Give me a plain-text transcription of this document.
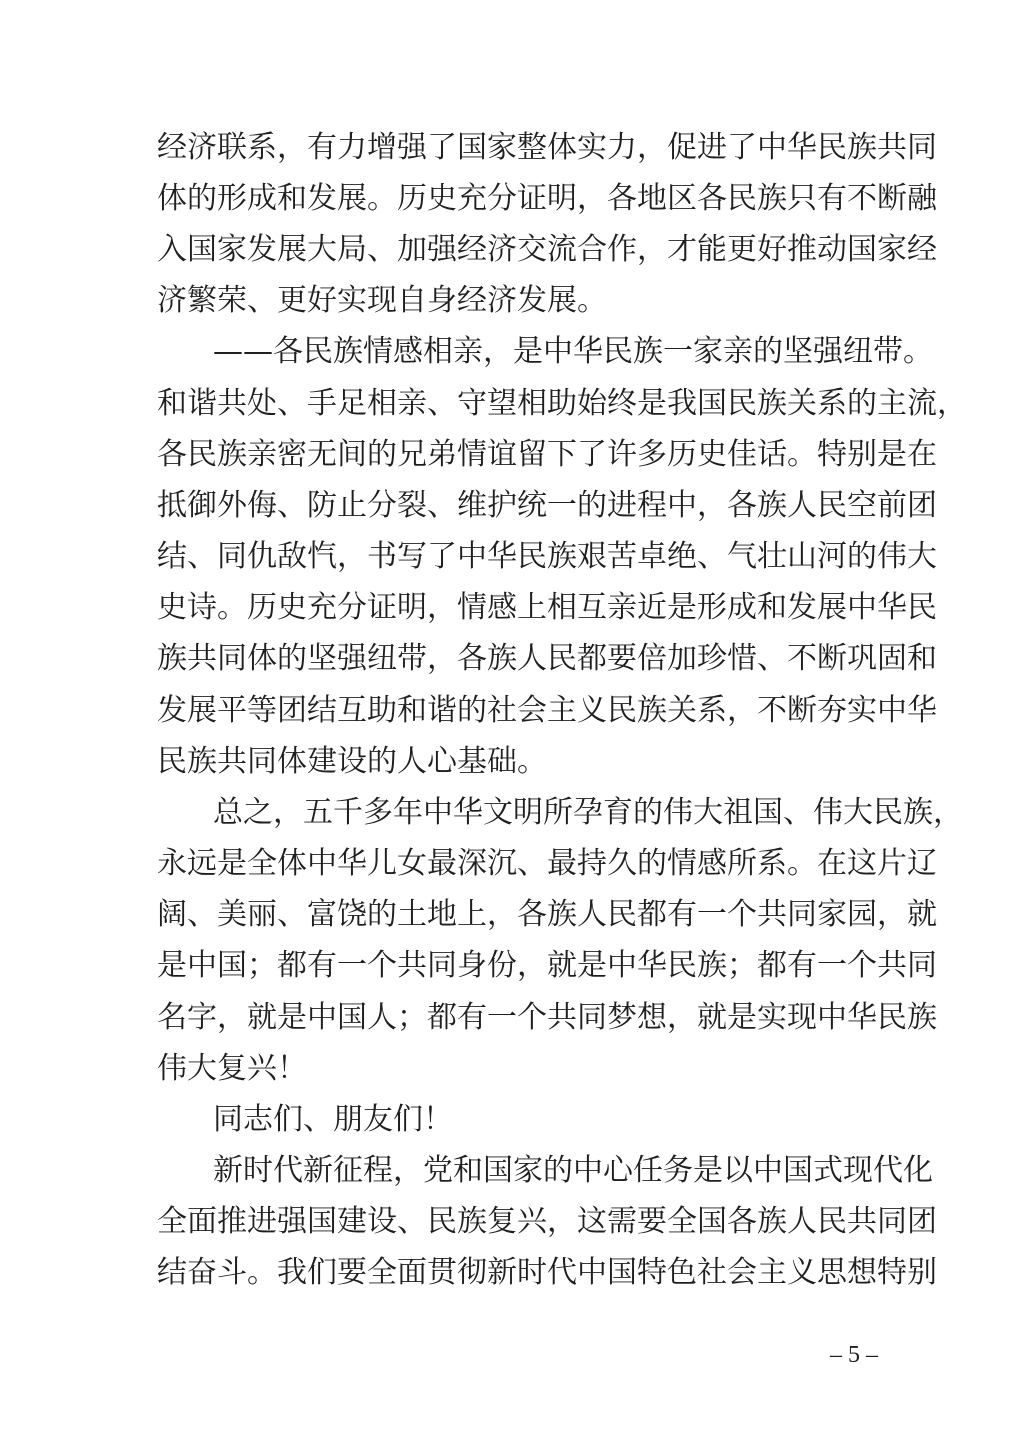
经济联系，有力增强了国家整体实力，促进了中华民族共同
体的形成和发展。历史充分证明，各地区各民族只有不断融
入国家发展大局、加强经济交流合作，才能更好推动国家经
济繁荣、更好实现自身经济发展。
——各民族情感相亲，是中华民族一家亲的坚强纽带。
和谐共处、手足相亲、守望相助始终是我国民族关系的主流，
各民族亲密无间的兄弟情谊留下了许多历史佳话。特别是在
抵御外侮、防止分裂、维护统一的进程中，各族人民空前团
结、同仇敌忾，书写了中华民族艰苦卓绝、气壮山河的伟大
史诗。历史充分证明，情感上相互亲近是形成和发展中华民
族共同体的坚强纽带，各族人民都要倍加珍惜、不断巩固和
发展平等团结互助和谐的社会主义民族关系，不断夯实中华
民族共同体建设的人心基础。
总之，五千多年中华文明所孕育的伟大祖国、伟大民族，
永远是全体中华儿女最深沉、最持久的情感所系。在这片辽
阔、美丽、富饶的土地上，各族人民都有一个共同家园，就
是中国；都有一个共同身份，就是中华民族；都有一个共同
名字，就是中国人；都有一个共同梦想，就是实现中华民族
伟大复兴！
同志们、朋友们！
新时代新征程，党和国家的中心任务是以中国式现代化
全面推进强国建设、民族复兴，这需要全国各族人民共同团
结奋斗。我们要全面贯彻新时代中国特色社会主义思想特别
– 5 –
